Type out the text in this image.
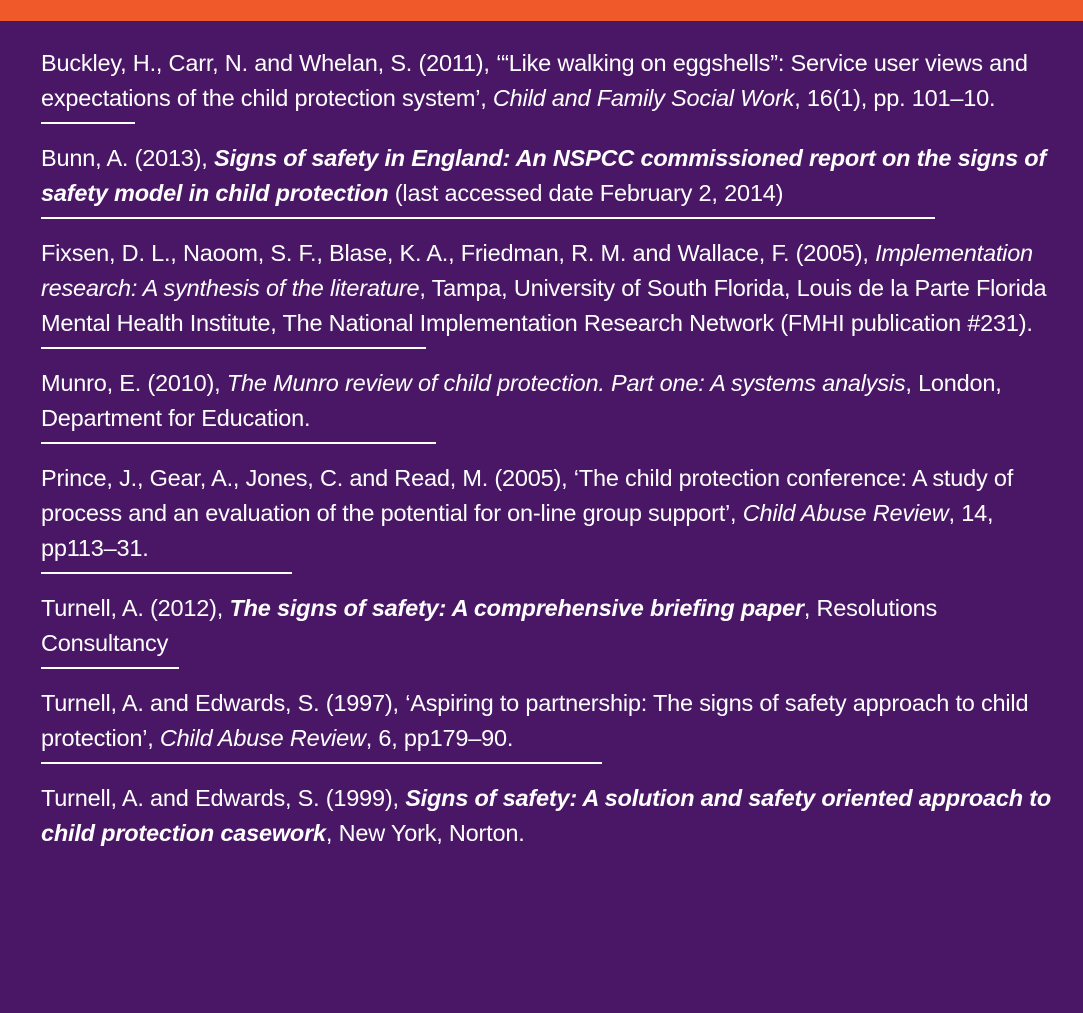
Buckley, H., Carr, N. and Whelan, S. (2011), ‘“Like walking on eggshells”: Service user views and expectations of the child protection system’, Child and Family Social Work, 16(1), pp. 101–10.
Bunn, A. (2013), Signs of safety in England: An NSPCC commissioned report on the signs of safety model in child protection (last accessed date February 2, 2014)
Fixsen, D. L., Naoom, S. F., Blase, K. A., Friedman, R. M. and Wallace, F. (2005), Implementation research: A synthesis of the literature, Tampa, University of South Florida, Louis de la Parte Florida Mental Health Institute, The National Implementation Research Network (FMHI publication #231).
Munro, E. (2010), The Munro review of child protection. Part one: A systems analysis, London, Department for Education.
Prince, J., Gear, A., Jones, C. and Read, M. (2005), ‘The child protection conference: A study of process and an evaluation of the potential for on-line group support’, Child Abuse Review, 14, pp113–31.
Turnell, A. (2012), The signs of safety: A comprehensive briefing paper, Resolutions Consultancy
Turnell, A. and Edwards, S. (1997), ‘Aspiring to partnership: The signs of safety approach to child protection’, Child Abuse Review, 6, pp179–90.
Turnell, A. and Edwards, S. (1999), Signs of safety: A solution and safety oriented approach to child protection casework, New York, Norton.
